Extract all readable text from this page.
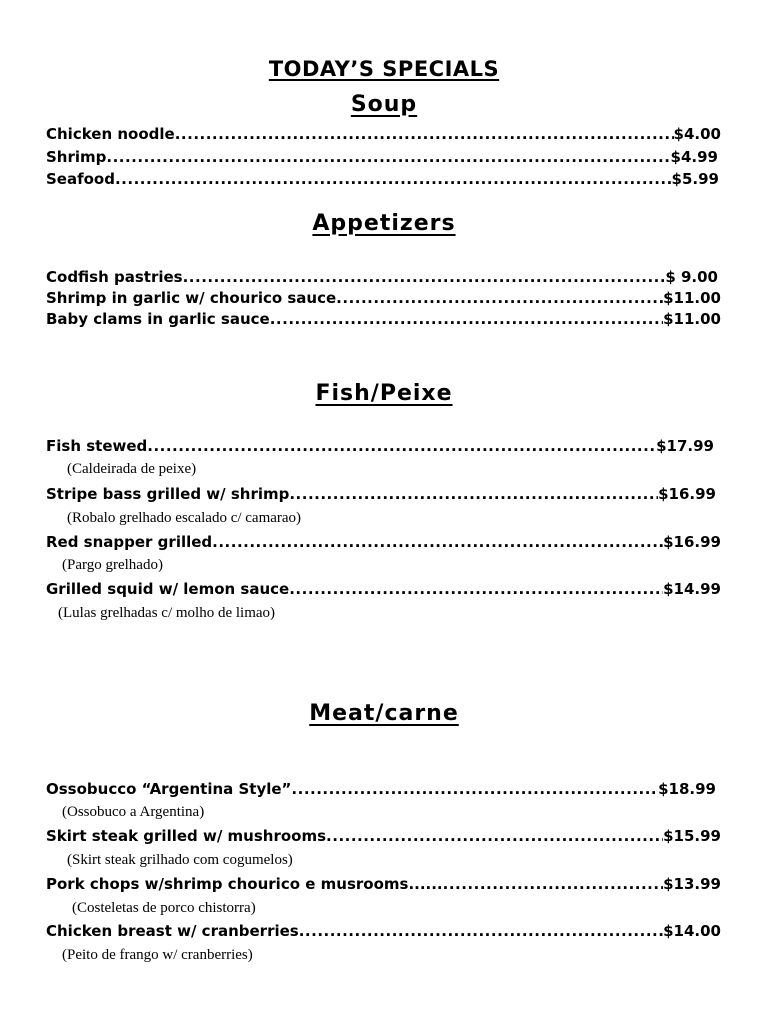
TODAY’S SPECIALS
Soup
Chicken noodle .....	$4.00
Shrimp .....	$4.99
Seafood .....	$5.99
Appetizers
Codfish pastries .....	$ 9.00
Shrimp in garlic w/ chourico sauce .....	$11.00
Baby clams in garlic sauce .....	$11.00
Fish/Peixe
Fish stewed .....	$17.99
(Caldeirada de peixe)
Stripe bass grilled w/ shrimp .....	$16.99
(Robalo grelhado escalado c/ camarao)
Red snapper grilled .....	$16.99
(Pargo grelhado)
Grilled squid w/ lemon sauce .....	$14.99
(Lulas grelhadas c/ molho de limao)
Meat/carne
Ossobucco “Argentina Style” .....	$18.99
(Ossobuco a Argentina)
Skirt steak grilled w/ mushrooms .....	$15.99
(Skirt steak grilhado com cogumelos)
Pork chops w/shrimp chourico e musrooms...... .....	$13.99
(Costeletas de porco chistorra)
Chicken breast w/ cranberries .....	$14.00
(Peito de frango w/ cranberries)
